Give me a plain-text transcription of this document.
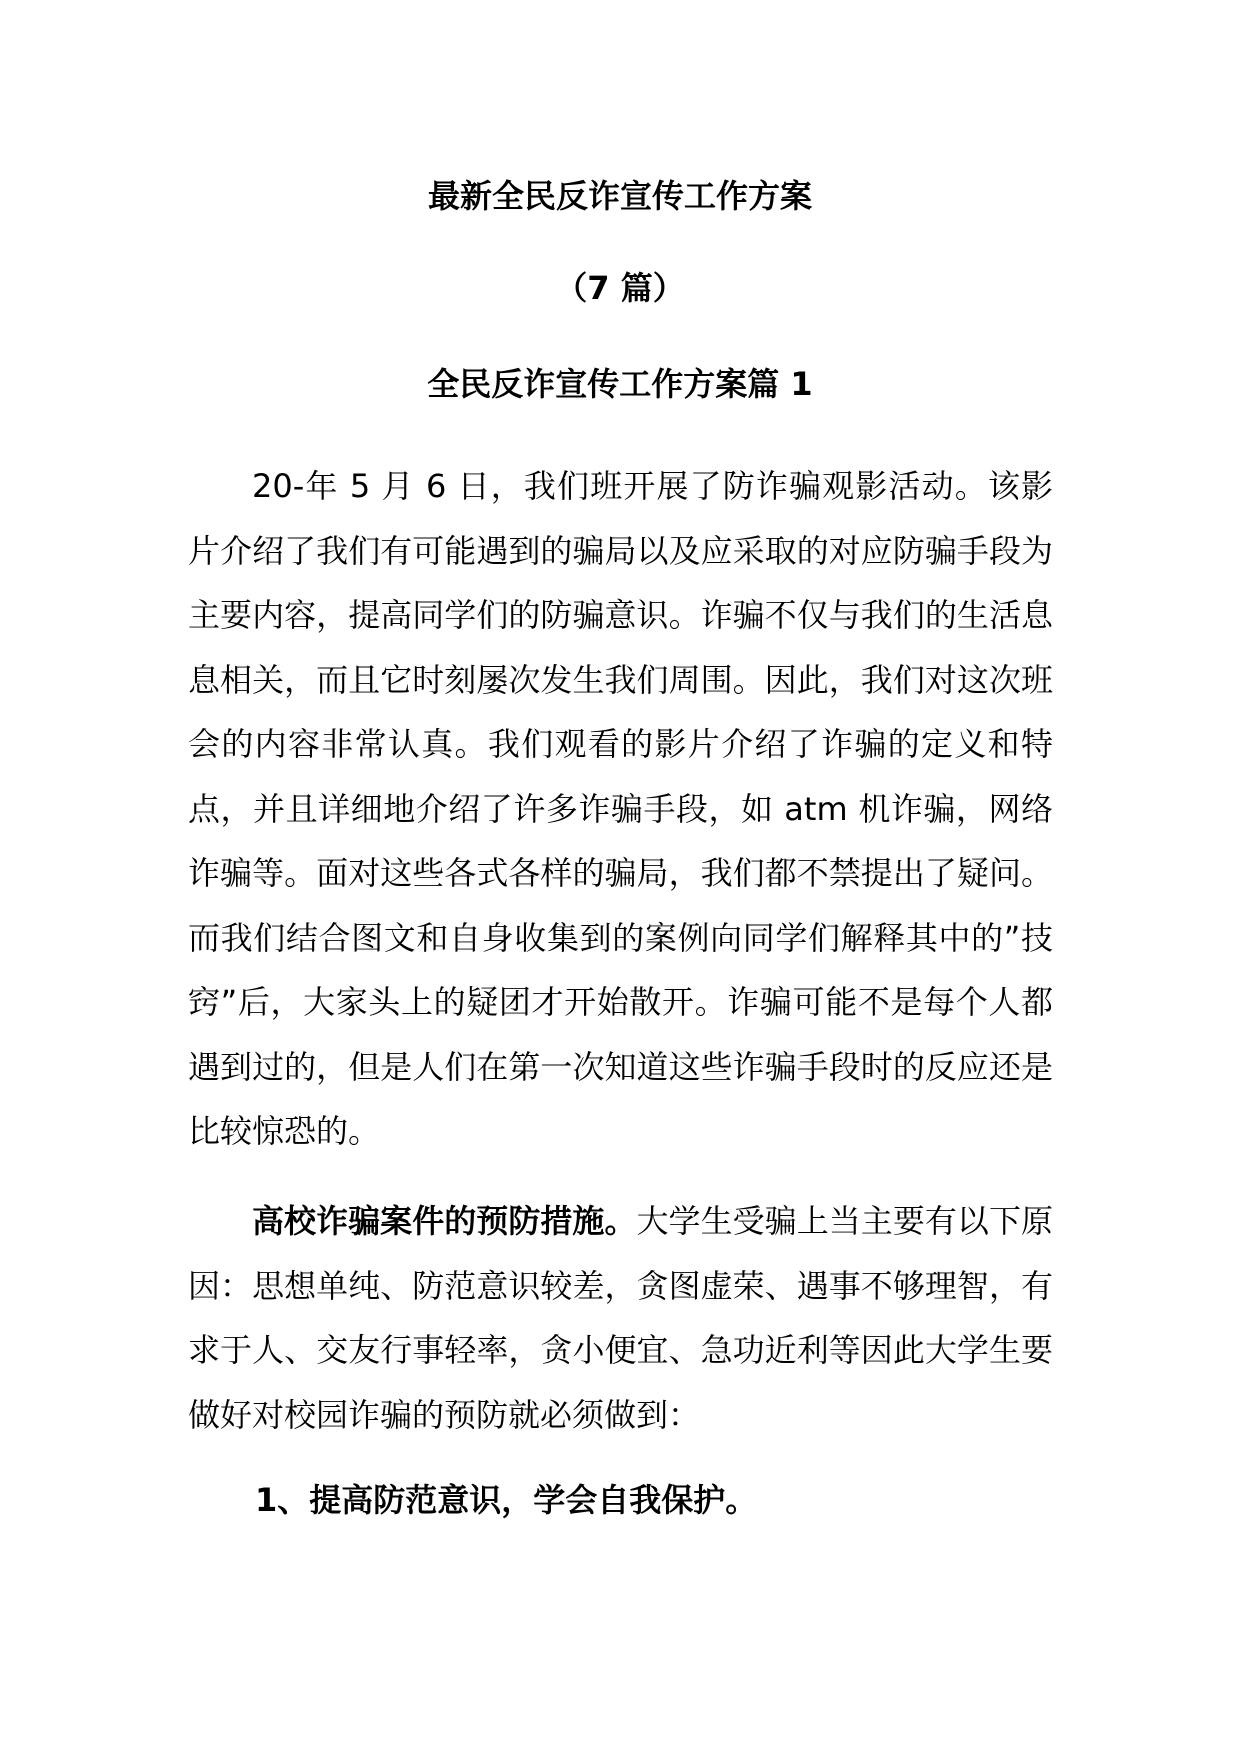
最新全民反诈宣传工作方案
（7 篇）
全民反诈宣传工作方案篇 1

20-年 5 月 6 日，我们班开展了防诈骗观影活动。该影片介绍了我们有可能遇到的骗局以及应采取的对应防骗手段为主要内容，提高同学们的防骗意识。诈骗不仅与我们的生活息息相关，而且它时刻屡次发生我们周围。因此，我们对这次班会的内容非常认真。我们观看的影片介绍了诈骗的定义和特点，并且详细地介绍了许多诈骗手段，如 atm 机诈骗，网络诈骗等。面对这些各式各样的骗局，我们都不禁提出了疑问。而我们结合图文和自身收集到的案例向同学们解释其中的”技窍”后，大家头上的疑团才开始散开。诈骗可能不是每个人都遇到过的，但是人们在第一次知道这些诈骗手段时的反应还是比较惊恐的。

高校诈骗案件的预防措施。大学生受骗上当主要有以下原因：思想单纯、防范意识较差，贪图虚荣、遇事不够理智，有求于人、交友行事轻率，贪小便宜、急功近利等因此大学生要做好对校园诈骗的预防就必须做到：

1、提高防范意识，学会自我保护。
